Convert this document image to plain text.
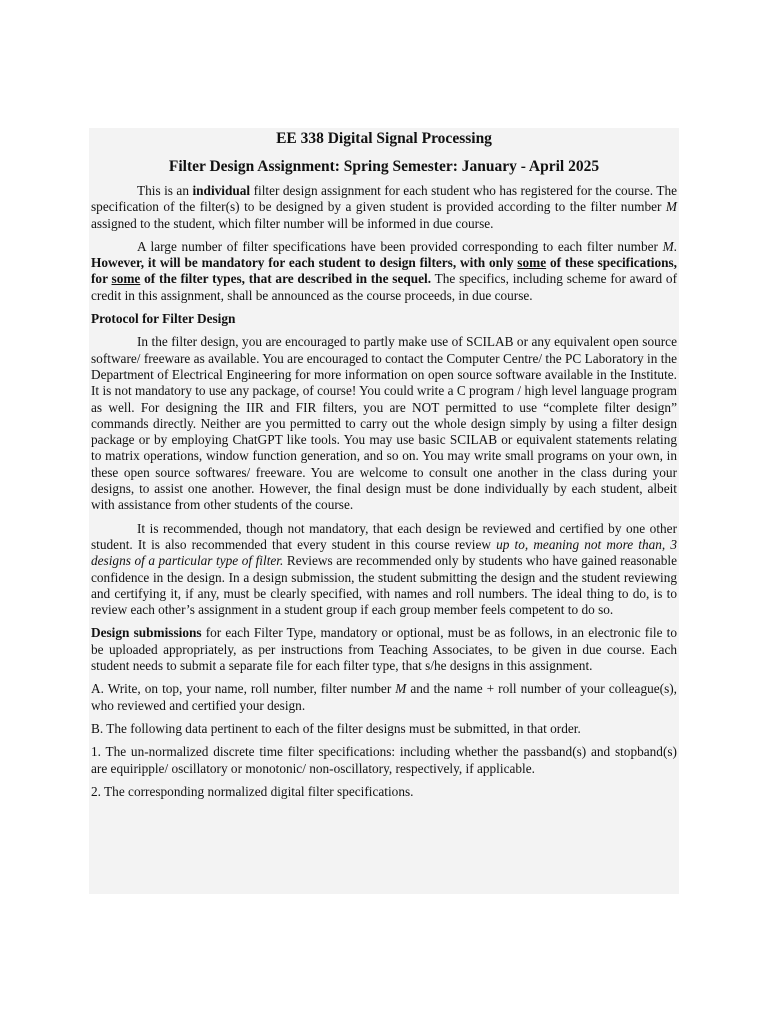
EE 338 Digital Signal Processing
Filter Design Assignment: Spring Semester: January - April 2025

This is an individual filter design assignment for each student who has registered for the course. The specification of the filter(s) to be designed by a given student is provided according to the filter number M assigned to the student, which filter number will be informed in due course.

A large number of filter specifications have been provided corresponding to each filter number M. However, it will be mandatory for each student to design filters, with only some of these specifications, for some of the filter types, that are described in the sequel. The specifics, including scheme for award of credit in this assignment, shall be announced as the course proceeds, in due course.

Protocol for Filter Design

In the filter design, you are encouraged to partly make use of SCILAB or any equivalent open source software/ freeware as available. You are encouraged to contact the Computer Centre/ the PC Laboratory in the Department of Electrical Engineering for more information on open source software available in the Institute. It is not mandatory to use any package, of course! You could write a C program / high level language program as well. For designing the IIR and FIR filters, you are NOT permitted to use “complete filter design” commands directly. Neither are you permitted to carry out the whole design simply by using a filter design package or by employing ChatGPT like tools. You may use basic SCILAB or equivalent statements relating to matrix operations, window function generation, and so on. You may write small programs on your own, in these open source softwares/ freeware. You are welcome to consult one another in the class during your designs, to assist one another. However, the final design must be done individually by each student, albeit with assistance from other students of the course.

It is recommended, though not mandatory, that each design be reviewed and certified by one other student. It is also recommended that every student in this course review up to, meaning not more than, 3 designs of a particular type of filter. Reviews are recommended only by students who have gained reasonable confidence in the design. In a design submission, the student submitting the design and the student reviewing and certifying it, if any, must be clearly specified, with names and roll numbers. The ideal thing to do, is to review each other’s assignment in a student group if each group member feels competent to do so.

Design submissions for each Filter Type, mandatory or optional, must be as follows, in an electronic file to be uploaded appropriately, as per instructions from Teaching Associates, to be given in due course. Each student needs to submit a separate file for each filter type, that s/he designs in this assignment.

A. Write, on top, your name, roll number, filter number M and the name + roll number of your colleague(s), who reviewed and certified your design.

B. The following data pertinent to each of the filter designs must be submitted, in that order.

1. The un-normalized discrete time filter specifications: including whether the passband(s) and stopband(s) are equiripple/ oscillatory or monotonic/ non-oscillatory, respectively, if applicable.

2. The corresponding normalized digital filter specifications.
